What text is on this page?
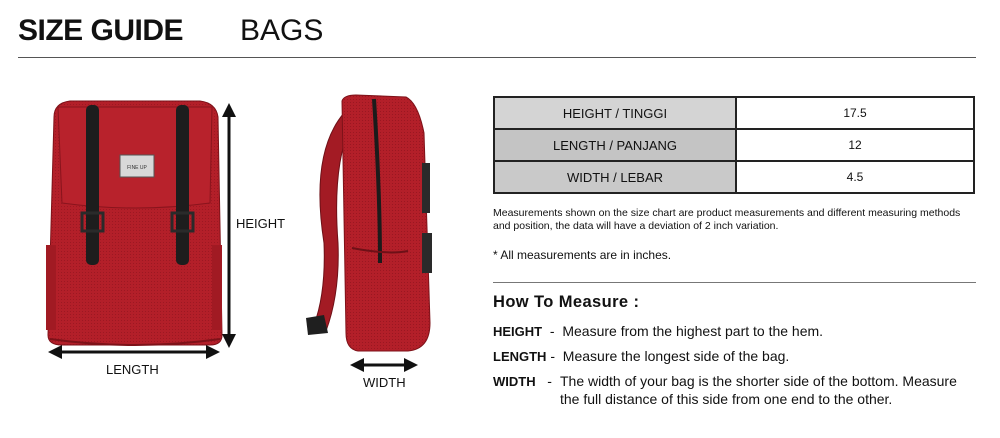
SIZE GUIDE BAGS
FINE UP
HEIGHT
LENGTH
WIDTH
HEIGHT / TINGGI	17.5
LENGTH / PANJANG	12
WIDTH / LEBAR	4.5
Measurements shown on the size chart are product measurements and different measuring methods and position, the data will have a deviation of 2 inch variation.
* All measurements are in inches.
How To Measure :
HEIGHT  -  Measure from the highest part to the hem.
LENGTH -  Measure the longest side of the bag.
WIDTH   - The width of your bag is the shorter side of the bottom. Measure the full distance of this side from one end to the other.
